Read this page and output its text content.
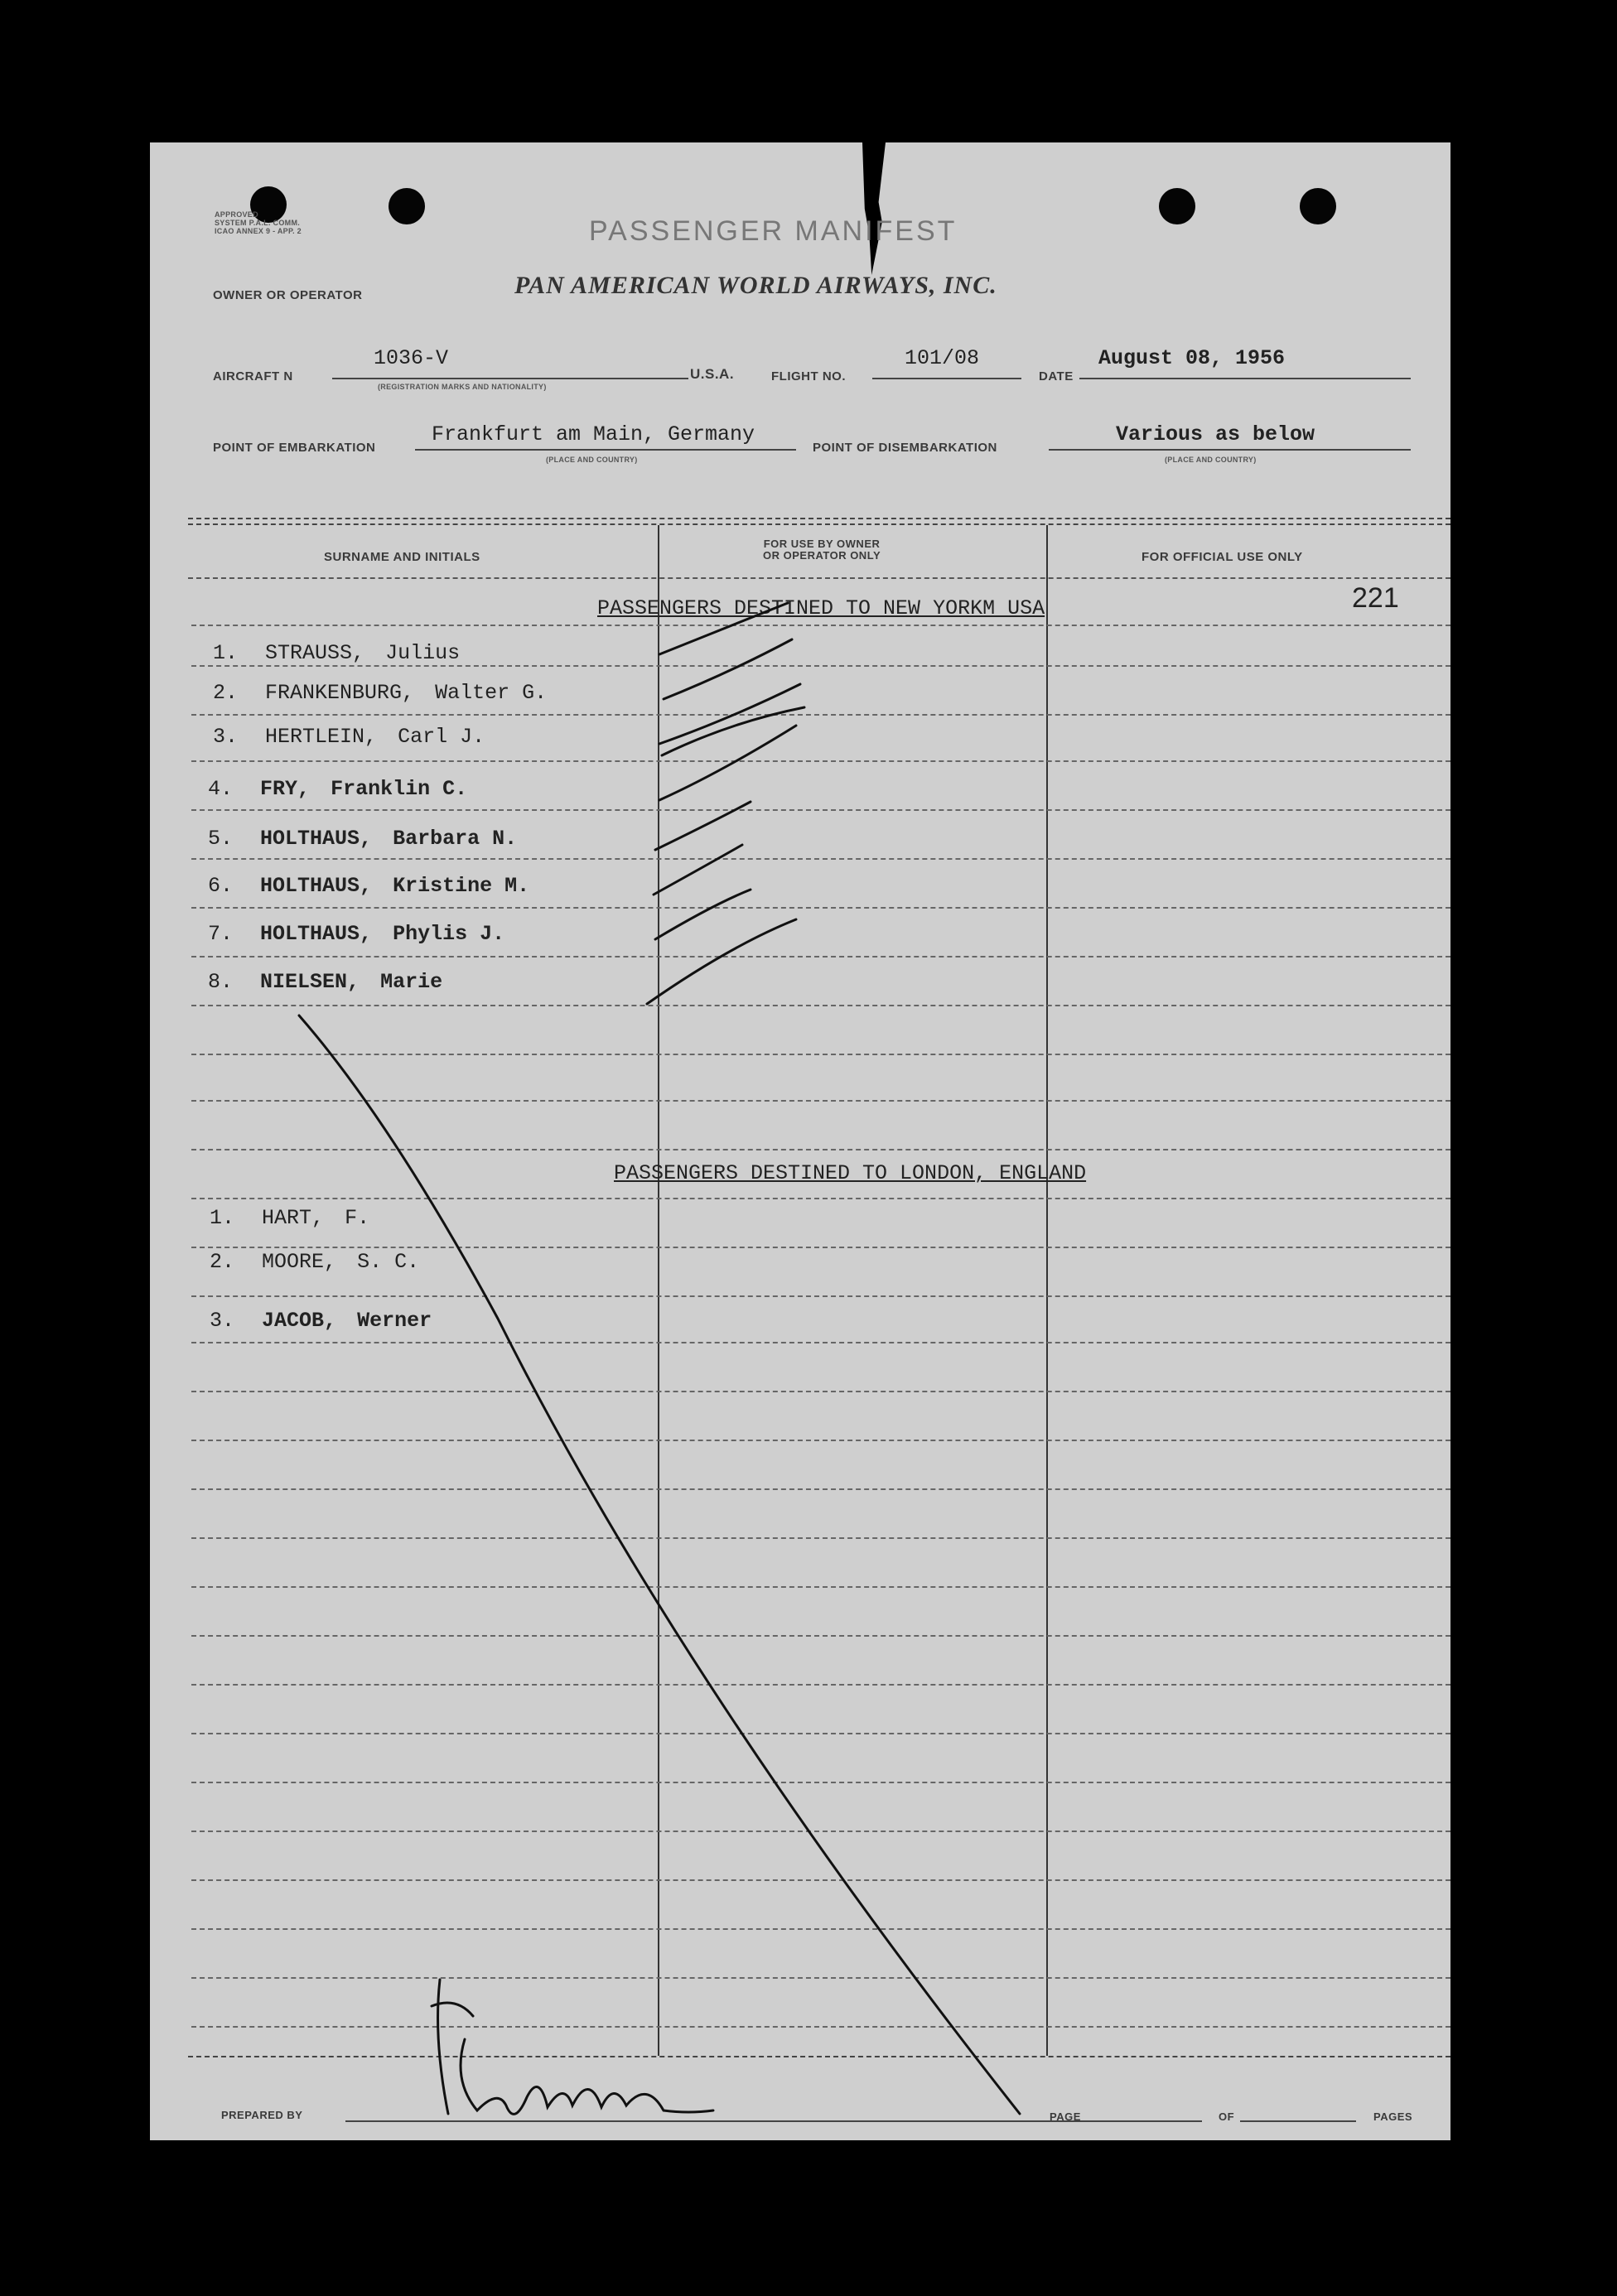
APPROVED
SYSTEM P.A.L. COMM.
ICAO ANNEX 9 - APP. 2	PASSENGER MANIFEST
OWNER OR OPERATOR	PAN AMERICAN WORLD AIRWAYS, INC.
AIRCRAFT N
1036-V
(REGISTRATION MARKS AND NATIONALITY)
U.S.A.	FLIGHT NO.
101/08
DATE
August 08, 1956
POINT OF EMBARKATION
Frankfurt am Main, Germany
(PLACE AND COUNTRY)
POINT OF DISEMBARKATION
Various as below
(PLACE AND COUNTRY)
SURNAME AND INITIALS
FOR USE BY OWNER
OR OPERATOR ONLY	FOR OFFICIAL USE ONLY
221
PASSENGERS DESTINED TO NEW YORKM USA
PASSENGERS DESTINED TO LONDON, ENGLAND
1. STRAUSS, Julius
2. FRANKENBURG, Walter G.
3. HERTLEIN, Carl J.
4. FRY, Franklin C.
5. HOLTHAUS, Barbara N.
6. HOLTHAUS, Kristine M.
7. HOLTHAUS, Phylis J.
8. NIELSEN, Marie
1. HART, F.
2. MOORE, S. C.
3. JACOB, Werner
PREPARED BY	PAGE	OF	PAGES
